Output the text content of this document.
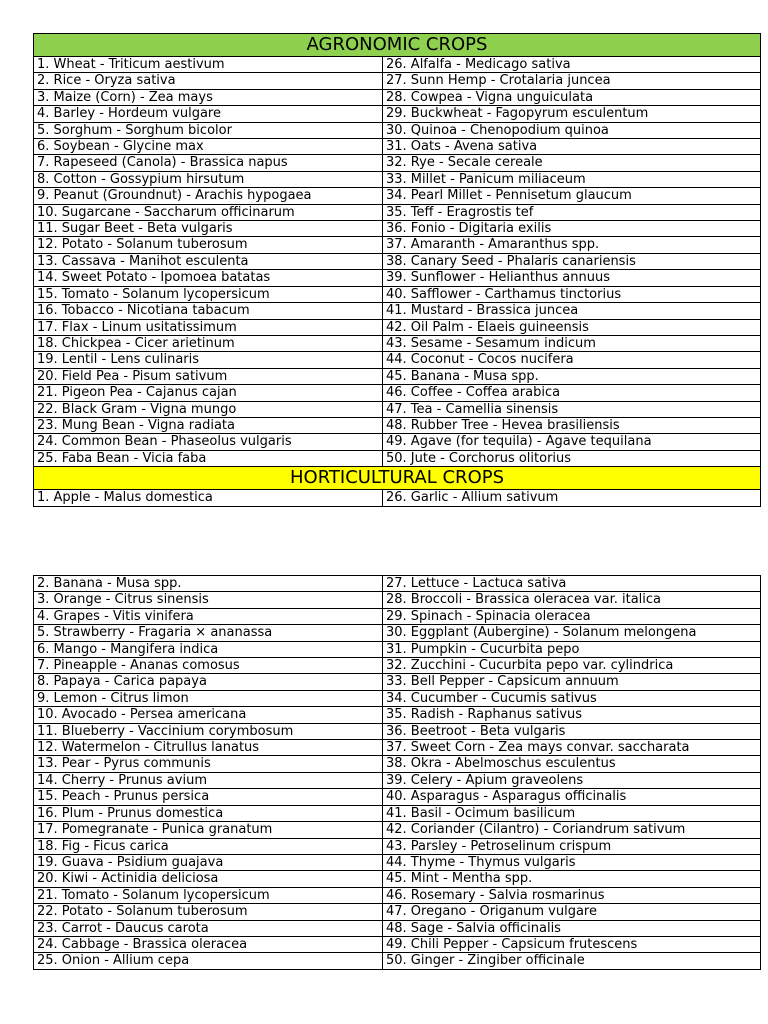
AGRONOMIC CROPS	
1. Wheat - Triticum aestivum	26. Alfalfa - Medicago sativa
2. Rice - Oryza sativa	27. Sunn Hemp - Crotalaria juncea
3. Maize (Corn) - Zea mays	28. Cowpea - Vigna unguiculata
4. Barley - Hordeum vulgare	29. Buckwheat - Fagopyrum esculentum
5. Sorghum - Sorghum bicolor	30. Quinoa - Chenopodium quinoa
6. Soybean - Glycine max	31. Oats - Avena sativa
7. Rapeseed (Canola) - Brassica napus	32. Rye - Secale cereale
8. Cotton - Gossypium hirsutum	33. Millet - Panicum miliaceum
9. Peanut (Groundnut) - Arachis hypogaea	34. Pearl Millet - Pennisetum glaucum
10. Sugarcane - Saccharum officinarum	35. Teff - Eragrostis tef
11. Sugar Beet - Beta vulgaris	36. Fonio - Digitaria exilis
12. Potato - Solanum tuberosum	37. Amaranth - Amaranthus spp.
13. Cassava - Manihot esculenta	38. Canary Seed - Phalaris canariensis
14. Sweet Potato - Ipomoea batatas	39. Sunflower - Helianthus annuus
15. Tomato - Solanum lycopersicum	40. Safflower - Carthamus tinctorius
16. Tobacco - Nicotiana tabacum	41. Mustard - Brassica juncea
17. Flax - Linum usitatissimum	42. Oil Palm - Elaeis guineensis
18. Chickpea - Cicer arietinum	43. Sesame - Sesamum indicum
19. Lentil - Lens culinaris	44. Coconut - Cocos nucifera
20. Field Pea - Pisum sativum	45. Banana - Musa spp.
21. Pigeon Pea - Cajanus cajan	46. Coffee - Coffea arabica
22. Black Gram - Vigna mungo	47. Tea - Camellia sinensis
23. Mung Bean - Vigna radiata	48. Rubber Tree - Hevea brasiliensis
24. Common Bean - Phaseolus vulgaris	49. Agave (for tequila) - Agave tequilana
25. Faba Bean - Vicia faba	50. Jute - Corchorus olitorius
HORTICULTURAL CROPS	
1. Apple - Malus domestica	26. Garlic - Allium sativum
2. Banana - Musa spp.	27. Lettuce - Lactuca sativa
3. Orange - Citrus sinensis	28. Broccoli - Brassica oleracea var. italica
4. Grapes - Vitis vinifera	29. Spinach - Spinacia oleracea
5. Strawberry - Fragaria × ananassa	30. Eggplant (Aubergine) - Solanum melongena
6. Mango - Mangifera indica	31. Pumpkin - Cucurbita pepo
7. Pineapple - Ananas comosus	32. Zucchini - Cucurbita pepo var. cylindrica
8. Papaya - Carica papaya	33. Bell Pepper - Capsicum annuum
9. Lemon - Citrus limon	34. Cucumber - Cucumis sativus
10. Avocado - Persea americana	35. Radish - Raphanus sativus
11. Blueberry - Vaccinium corymbosum	36. Beetroot - Beta vulgaris
12. Watermelon - Citrullus lanatus	37. Sweet Corn - Zea mays convar. saccharata
13. Pear - Pyrus communis	38. Okra - Abelmoschus esculentus
14. Cherry - Prunus avium	39. Celery - Apium graveolens
15. Peach - Prunus persica	40. Asparagus - Asparagus officinalis
16. Plum - Prunus domestica	41. Basil - Ocimum basilicum
17. Pomegranate - Punica granatum	42. Coriander (Cilantro) - Coriandrum sativum
18. Fig - Ficus carica	43. Parsley - Petroselinum crispum
19. Guava - Psidium guajava	44. Thyme - Thymus vulgaris
20. Kiwi - Actinidia deliciosa	45. Mint - Mentha spp.
21. Tomato - Solanum lycopersicum	46. Rosemary - Salvia rosmarinus
22. Potato - Solanum tuberosum	47. Oregano - Origanum vulgare
23. Carrot - Daucus carota	48. Sage - Salvia officinalis
24. Cabbage - Brassica oleracea	49. Chili Pepper - Capsicum frutescens
25. Onion - Allium cepa	50. Ginger - Zingiber officinale
